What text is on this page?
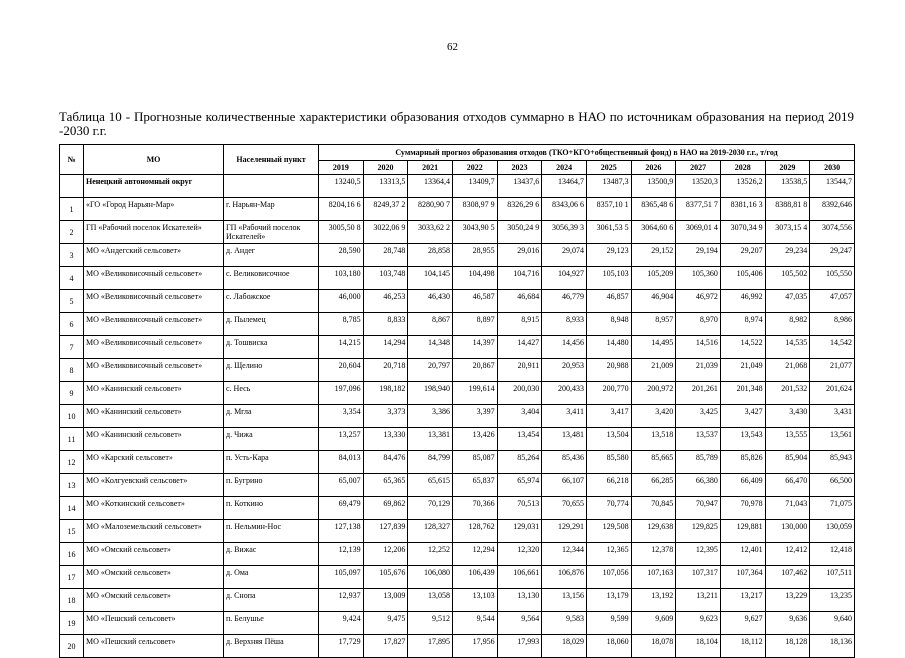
62
Таблица 10 - Прогнозные количественные характеристики образования отходов суммарно в НАО по источникам образования на период 2019 -2030 г.г.
№	МО	Населенный пункт	Суммарный прогноз образования отходов (ТКО+КГО+общественный фонд) в НАО на 2019-2030 г.г., т/год											
			2019	2020	2021	2022	2023	2024	2025	2026	2027	2028	2029	2030
	Ненецкий автономный округ		13240,5	13313,5	13364,4	13409,7	13437,6	13464,7	13487,3	13500,9	13520,3	13526,2	13538,5	13544,7
1	«ГО «Город Нарьян-Мар»	г. Нарьян-Мар	8204,16 6	8249,37 2	8280,90 7	8308,97 9	8326,29 6	8343,06 6	8357,10 1	8365,48 6	8377,51 7	8381,16 3	8388,81 8	8392,646
2	ГП «Рабочий поселок Искателей»	ГП «Рабочий поселок Искателей»	3005,50 8	3022,06 9	3033,62 2	3043,90 5	3050,24 9	3056,39 3	3061,53 5	3064,60 6	3069,01 4	3070,34 9	3073,15 4	3074,556
3	МО «Андегский сельсовет»	д. Андег	28,590	28,748	28,858	28,955	29,016	29,074	29,123	29,152	29,194	29,207	29,234	29,247
4	МО «Великовисочный сельсовет»	с. Великовисочное	103,180	103,748	104,145	104,498	104,716	104,927	105,103	105,209	105,360	105,406	105,502	105,550
5	МО «Великовисочный сельсовет»	с. Лабожское	46,000	46,253	46,430	46,587	46,684	46,779	46,857	46,904	46,972	46,992	47,035	47,057
6	МО «Великовисочный сельсовет»	д. Пылемец	8,785	8,833	8,867	8,897	8,915	8,933	8,948	8,957	8,970	8,974	8,982	8,986
7	МО «Великовисочный сельсовет»	д. Тошвиска	14,215	14,294	14,348	14,397	14,427	14,456	14,480	14,495	14,516	14,522	14,535	14,542
8	МО «Великовисочный сельсовет»	д. Щелино	20,604	20,718	20,797	20,867	20,911	20,953	20,988	21,009	21,039	21,049	21,068	21,077
9	МО «Канинский сельсовет»	с. Несь	197,096	198,182	198,940	199,614	200,030	200,433	200,770	200,972	201,261	201,348	201,532	201,624
10	МО «Канинский сельсовет»	д. Мгла	3,354	3,373	3,386	3,397	3,404	3,411	3,417	3,420	3,425	3,427	3,430	3,431
11	МО «Канинский сельсовет»	д. Чижа	13,257	13,330	13,381	13,426	13,454	13,481	13,504	13,518	13,537	13,543	13,555	13,561
12	МО «Карский сельсовет»	п. Усть-Кара	84,013	84,476	84,799	85,087	85,264	85,436	85,580	85,665	85,789	85,826	85,904	85,943
13	МО «Колгуевский сельсовет»	п. Бугрино	65,007	65,365	65,615	65,837	65,974	66,107	66,218	66,285	66,380	66,409	66,470	66,500
14	МО «Коткинский сельсовет»	п. Коткино	69,479	69,862	70,129	70,366	70,513	70,655	70,774	70,845	70,947	70,978	71,043	71,075
15	МО «Малоземельский сельсовет»	п. Нельмин-Нос	127,138	127,839	128,327	128,762	129,031	129,291	129,508	129,638	129,825	129,881	130,000	130,059
16	МО «Омский сельсовет»	д. Вижас	12,139	12,206	12,252	12,294	12,320	12,344	12,365	12,378	12,395	12,401	12,412	12,418
17	МО «Омский сельсовет»	д. Ома	105,097	105,676	106,080	106,439	106,661	106,876	107,056	107,163	107,317	107,364	107,462	107,511
18	МО «Омский сельсовет»	д. Снопа	12,937	13,009	13,058	13,103	13,130	13,156	13,179	13,192	13,211	13,217	13,229	13,235
19	МО «Пешский сельсовет»	п. Белушье	9,424	9,475	9,512	9,544	9,564	9,583	9,599	9,609	9,623	9,627	9,636	9,640
20	МО «Пешский сельсовет»	д. Верхняя Пёша	17,729	17,827	17,895	17,956	17,993	18,029	18,060	18,078	18,104	18,112	18,128	18,136
